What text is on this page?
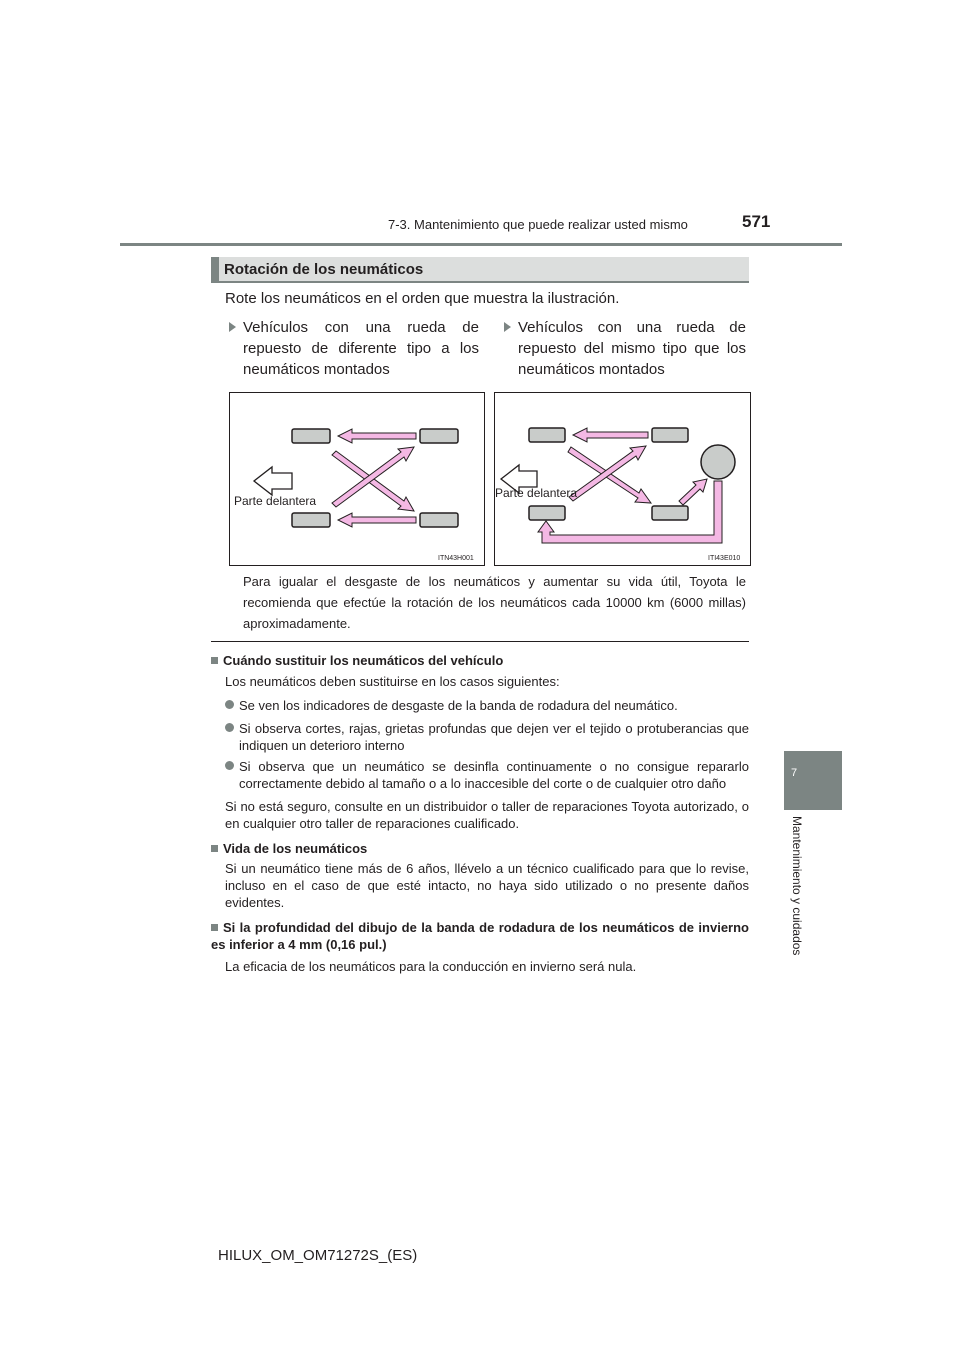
7-3. Mantenimiento que puede realizar usted mismo	571
7
Mantenimiento y cuidados
Rotación de los neumáticos
Rote los neumáticos en el orden que muestra la ilustración.
Vehículos con una rueda de repuesto de diferente tipo a los neumáticos montados
Vehículos con una rueda de repuesto del mismo tipo que los neumáticos montados
Parte delantera
ITN43H001
Parte delantera
ITI43E010
Para igualar el desgaste de los neumáticos y aumentar su vida útil, Toyota le recomienda que efectúe la rotación de los neumáticos cada 10000 km (6000 millas) aproximadamente.
Cuándo sustituir los neumáticos del vehículo
Los neumáticos deben sustituirse en los casos siguientes:
Se ven los indicadores de desgaste de la banda de rodadura del neumático.
Si observa cortes, rajas, grietas profundas que dejen ver el tejido o protuberancias que indiquen un deterioro interno
Si observa que un neumático se desinfla continuamente o no consigue repararlo correctamente debido al tamaño o a lo inaccesible del corte o de cualquier otro daño
Si no está seguro, consulte en un distribuidor o taller de reparaciones Toyota autorizado, o en cualquier otro taller de reparaciones cualificado.
Vida de los neumáticos
Si un neumático tiene más de 6 años, llévelo a un técnico cualificado para que lo revise, incluso en el caso de que esté intacto, no haya sido utilizado o no presente daños evidentes.
Si la profundidad del dibujo de la banda de rodadura de los neumáticos de invierno es inferior a 4 mm (0,16 pul.)
La eficacia de los neumáticos para la conducción en invierno será nula.
HILUX_OM_OM71272S_(ES)
